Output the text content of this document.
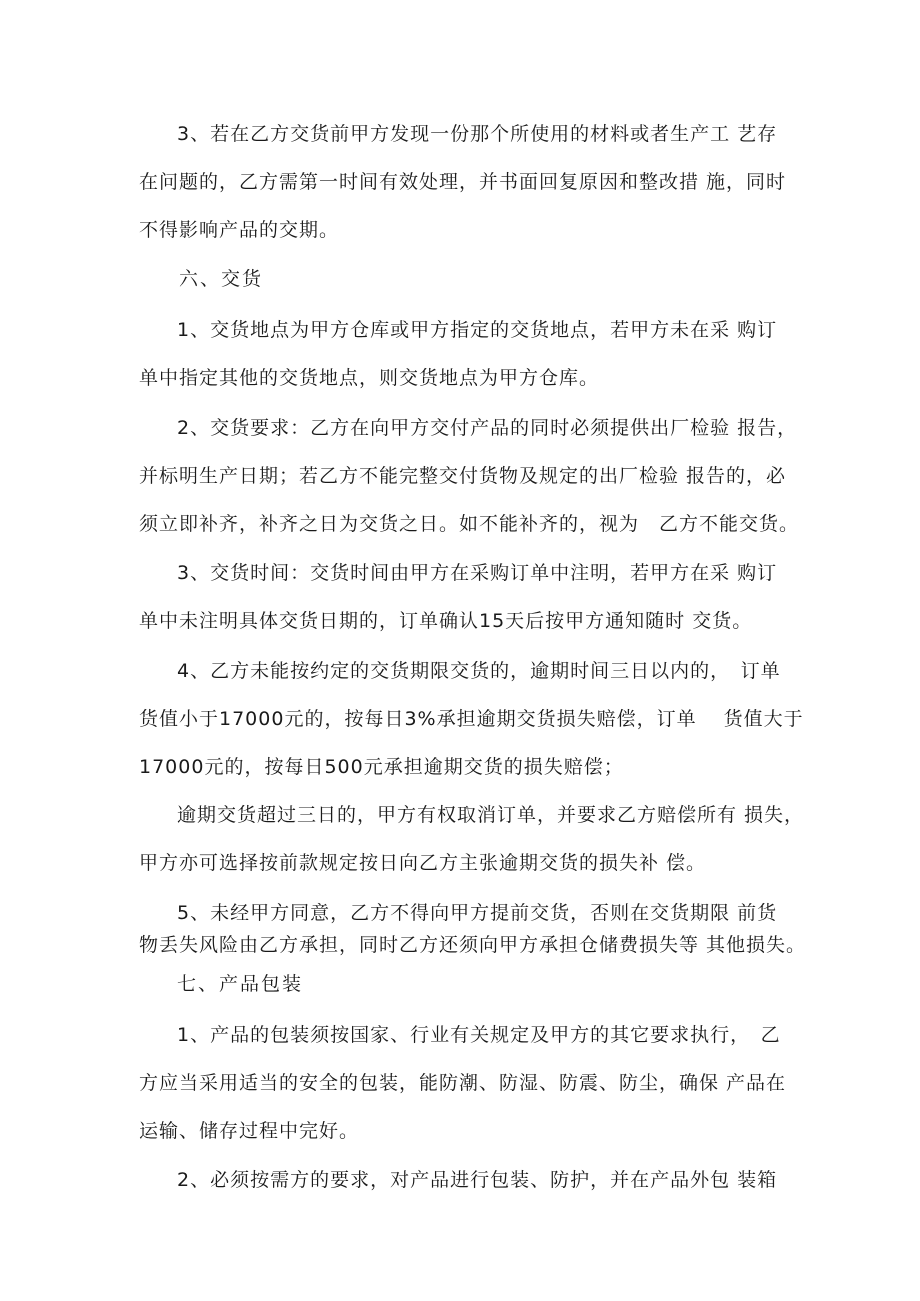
3、若在乙方交货前甲方发现一份那个所使用的材料或者生产工 艺存
在问题的，乙方需第一时间有效处理，并书面回复原因和整改措 施，同时
不得影响产品的交期。
六、交货
1、交货地点为甲方仓库或甲方指定的交货地点，若甲方未在采 购订
单中指定其他的交货地点，则交货地点为甲方仓库。
2、交货要求：乙方在向甲方交付产品的同时必须提供出厂检验 报告，
并标明生产日期；若乙方不能完整交付货物及规定的出厂检验 报告的，必
须立即补齐，补齐之日为交货之日。如不能补齐的，视为　乙方不能交货。
3、交货时间：交货时间由甲方在采购订单中注明，若甲方在采 购订
单中未注明具体交货日期的，订单确认15天后按甲方通知随时 交货。
4、乙方未能按约定的交货期限交货的，逾期时间三日以内的，　订单
货值小于17000元的，按每日3%承担逾期交货损失赔偿，订单　 货值大于
17000元的，按每日500元承担逾期交货的损失赔偿；
逾期交货超过三日的，甲方有权取消订单，并要求乙方赔偿所有 损失，
甲方亦可选择按前款规定按日向乙方主张逾期交货的损失补 偿。
5、未经甲方同意，乙方不得向甲方提前交货，否则在交货期限 前货
物丢失风险由乙方承担，同时乙方还须向甲方承担仓储费损失等 其他损失。
七、产品包装
1、产品的包装须按国家、行业有关规定及甲方的其它要求执行，　乙
方应当采用适当的安全的包装，能防潮、防湿、防震、防尘，确保 产品在
运输、储存过程中完好。
2、必须按需方的要求，对产品进行包装、防护，并在产品外包 装箱
